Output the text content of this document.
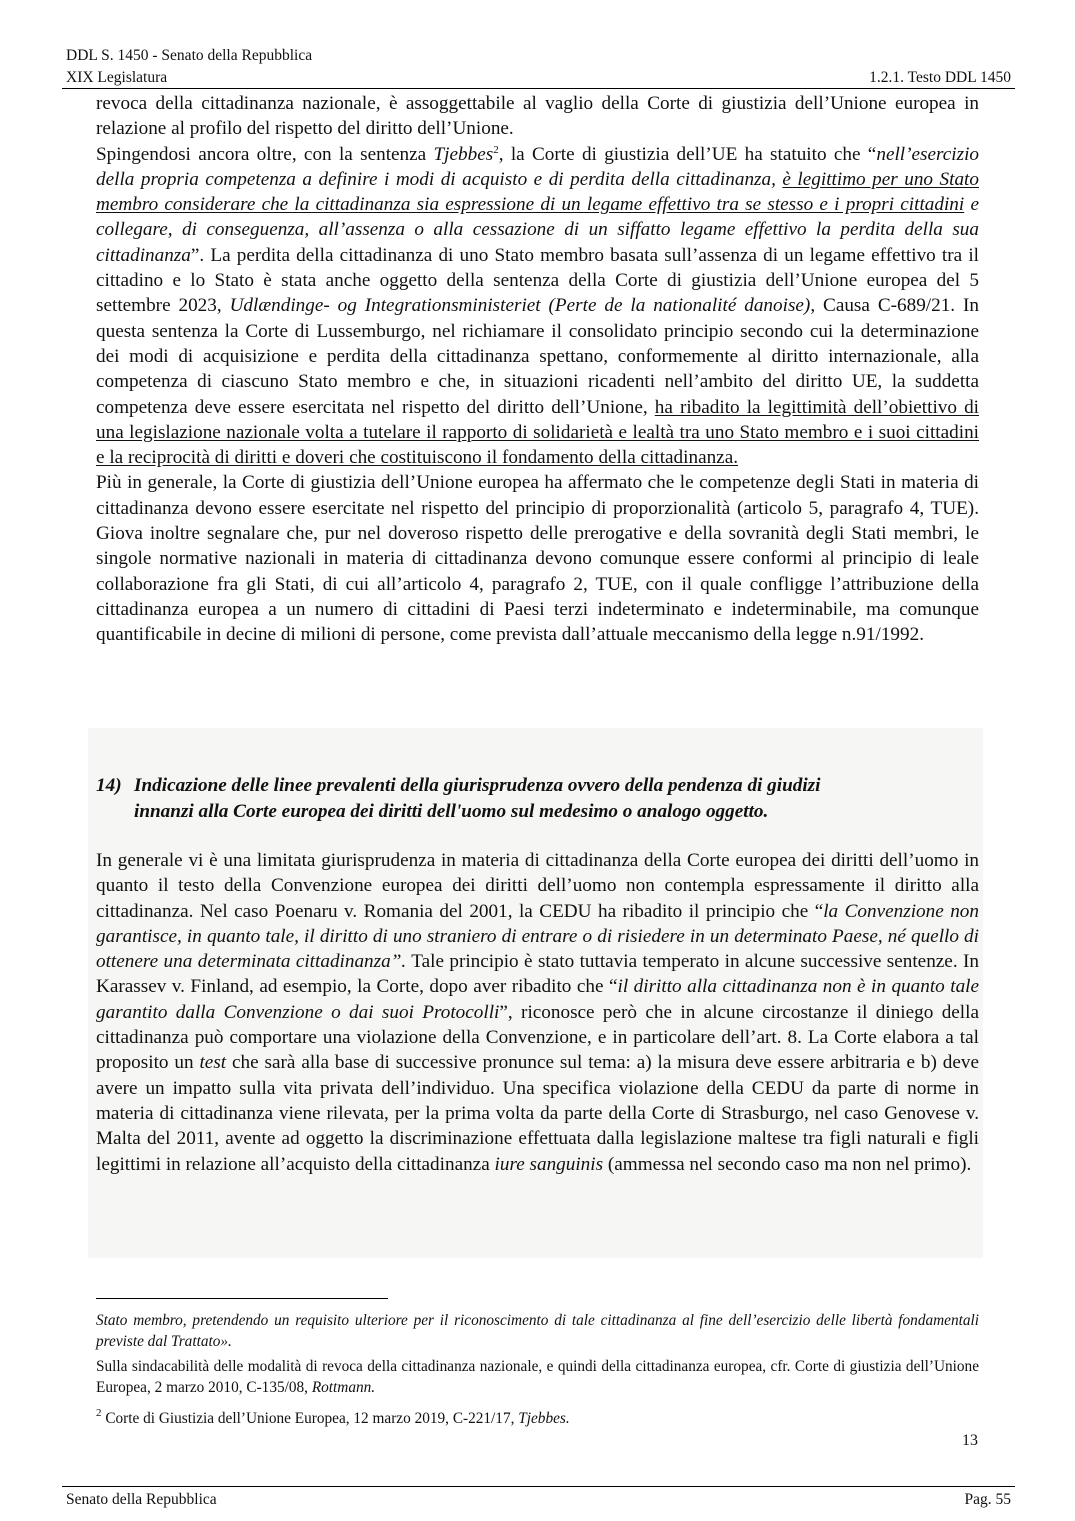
DDL S. 1450 - Senato della Repubblica
XIX Legislatura	1.2.1. Testo DDL 1450

revoca della cittadinanza nazionale, è assoggettabile al vaglio della Corte di giustizia dell’Unione europea in relazione al profilo del rispetto del diritto dell’Unione.

Spingendosi ancora oltre, con la sentenza Tjebbes$^2$, la Corte di giustizia dell’UE ha statuito che “nell’esercizio della propria competenza a definire i modi di acquisto e di perdita della cittadinanza, è legittimo per uno Stato membro considerare che la cittadinanza sia espressione di un legame effettivo tra se stesso e i propri cittadini e collegare, di conseguenza, all’assenza o alla cessazione di un siffatto legame effettivo la perdita della sua cittadinanza”. La perdita della cittadinanza di uno Stato membro basata sull’assenza di un legame effettivo tra il cittadino e lo Stato è stata anche oggetto della sentenza della Corte di giustizia dell’Unione europea del 5 settembre 2023, Udlændinge- og Integrationsministeriet (Perte de la nationalité danoise), Causa C-689/21. In questa sentenza la Corte di Lussemburgo, nel richiamare il consolidato principio secondo cui la determinazione dei modi di acquisizione e perdita della cittadinanza spettano, conformemente al diritto internazionale, alla competenza di ciascuno Stato membro e che, in situazioni ricadenti nell’ambito del diritto UE, la suddetta competenza deve essere esercitata nel rispetto del diritto dell’Unione, ha ribadito la legittimità dell’obiettivo di una legislazione nazionale volta a tutelare il rapporto di solidarietà e lealtà tra uno Stato membro e i suoi cittadini e la reciprocità di diritti e doveri che costituiscono il fondamento della cittadinanza.

Più in generale, la Corte di giustizia dell’Unione europea ha affermato che le competenze degli Stati in materia di cittadinanza devono essere esercitate nel rispetto del principio di proporzionalità (articolo 5, paragrafo 4, TUE). Giova inoltre segnalare che, pur nel doveroso rispetto delle prerogative e della sovranità degli Stati membri, le singole normative nazionali in materia di cittadinanza devono comunque essere conformi al principio di leale collaborazione fra gli Stati, di cui all’articolo 4, paragrafo 2, TUE, con il quale confligge l’attribuzione della cittadinanza europea a un numero di cittadini di Paesi terzi indeterminato e indeterminabile, ma comunque quantificabile in decine di milioni di persone, come prevista dall’attuale meccanismo della legge n.91/1992.

14) Indicazione delle linee prevalenti della giurisprudenza ovvero della pendenza di giudizi
innanzi alla Corte europea dei diritti dell'uomo sul medesimo o analogo oggetto.

In generale vi è una limitata giurisprudenza in materia di cittadinanza della Corte europea dei diritti dell’uomo in quanto il testo della Convenzione europea dei diritti dell’uomo non contempla espressamente il diritto alla cittadinanza. Nel caso Poenaru v. Romania del 2001, la CEDU ha ribadito il principio che “la Convenzione non garantisce, in quanto tale, il diritto di uno straniero di entrare o di risiedere in un determinato Paese, né quello di ottenere una determinata cittadinanza”. Tale principio è stato tuttavia temperato in alcune successive sentenze. In Karassev v. Finland, ad esempio, la Corte, dopo aver ribadito che “il diritto alla cittadinanza non è in quanto tale garantito dalla Convenzione o dai suoi Protocolli”, riconosce però che in alcune circostanze il diniego della cittadinanza può comportare una violazione della Convenzione, e in particolare dell’art. 8. La Corte elabora a tal proposito un test che sarà alla base di successive pronunce sul tema: a) la misura deve essere arbitraria e b) deve avere un impatto sulla vita privata dell’individuo. Una specifica violazione della CEDU da parte di norme in materia di cittadinanza viene rilevata, per la prima volta da parte della Corte di Strasburgo, nel caso Genovese v. Malta del 2011, avente ad oggetto la discriminazione effettuata dalla legislazione maltese tra figli naturali e figli legittimi in relazione all’acquisto della cittadinanza iure sanguinis (ammessa nel secondo caso ma non nel primo).

Stato membro, pretendendo un requisito ulteriore per il riconoscimento di tale cittadinanza al fine dell’esercizio delle libertà fondamentali previste dal Trattato».
Sulla sindacabilità delle modalità di revoca della cittadinanza nazionale, e quindi della cittadinanza europea, cfr. Corte di giustizia dell’Unione Europea, 2 marzo 2010, C-135/08, Rottmann.
$^2$ Corte di Giustizia dell’Unione Europea, 12 marzo 2019, C-221/17, Tjebbes.
13
Senato della Repubblica	Pag. 55
